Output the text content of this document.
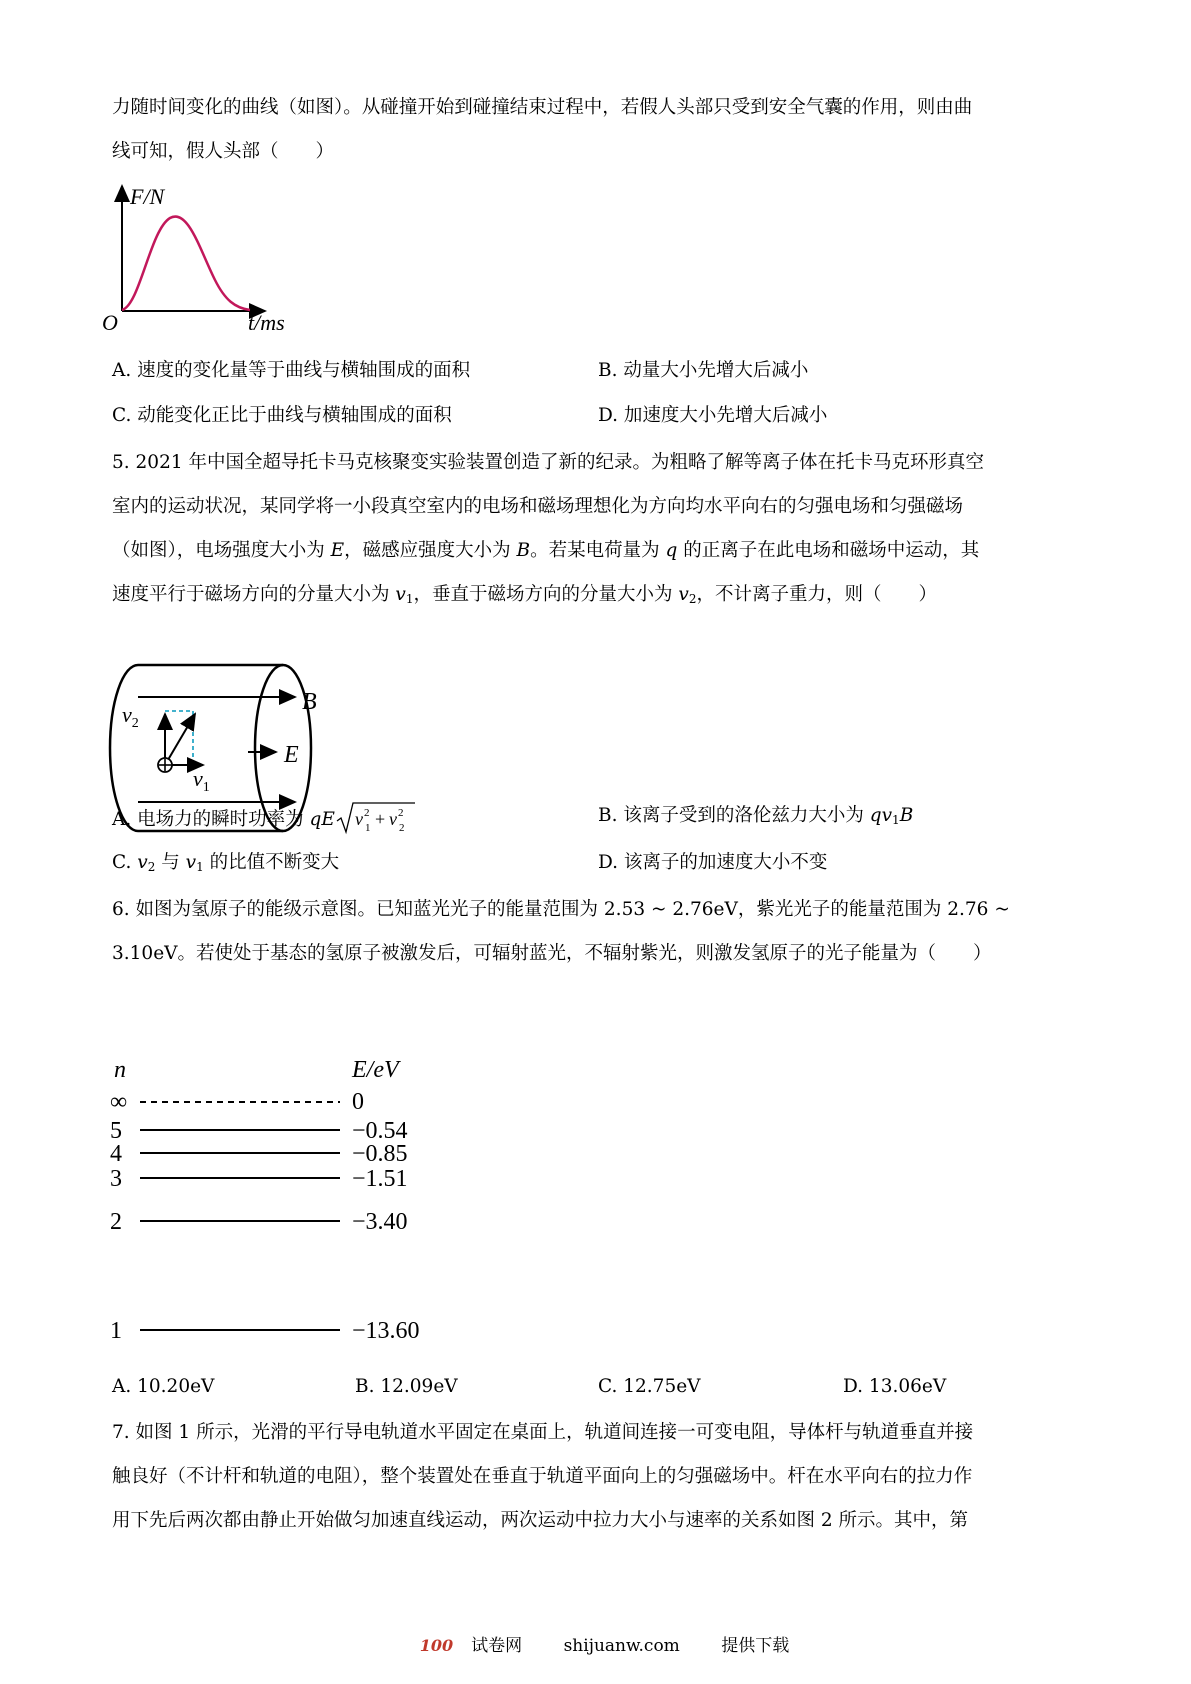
力随时间变化的曲线（如图）。从碰撞开始到碰撞结束过程中，若假人头部只受到安全气囊的作用，则由曲
线可知，假人头部（　　）
O
F/N
t/ms
A. 速度的变化量等于曲线与横轴围成的面积	B. 动量大小先增大后减小
C. 动能变化正比于曲线与横轴围成的面积	D. 加速度大小先增大后减小
5. 2021 年中国全超导托卡马克核聚变实验装置创造了新的纪录。为粗略了解等离子体在托卡马克环形真空
室内的运动状况，某同学将一小段真空室内的电场和磁场理想化为方向均水平向右的匀强电场和匀强磁场
（如图），电场强度大小为 E，磁感应强度大小为 B。若某电荷量为 q 的正离子在此电场和磁场中运动，其
速度平行于磁场方向的分量大小为 $v_1$，垂直于磁场方向的分量大小为 $v_2$，不计离子重力，则（　　）
B
E
$v_2$
$v_1$
A. 电场力的瞬时功率为 qE v 1
2 + v 2
2	B. 该离子受到的洛伦兹力大小为 $qv_1B$
C. $v_2$ 与 $v_1$ 的比值不断变大	D. 该离子的加速度大小不变
6. 如图为氢原子的能级示意图。已知蓝光光子的能量范围为 2.53 ~ 2.76eV，紫光光子的能量范围为 2.76 ~
3.10eV。若使处于基态的氢原子被激发后，可辐射蓝光，不辐射紫光，则激发氢原子的光子能量为（　　）
n	E/eV
∞	0
5	−0.54
4	−0.85
3	−1.51
2	−3.40
1	−13.60
A. 10.20eV	B. 12.09eV	C. 12.75eV	D. 13.06eV
7. 如图 1 所示，光滑的平行导电轨道水平固定在桌面上，轨道间连接一可变电阻，导体杆与轨道垂直并接
触良好（不计杆和轨道的电阻），整个装置处在垂直于轨道平面向上的匀强磁场中。杆在水平向右的拉力作
用下先后两次都由静止开始做匀加速直线运动，两次运动中拉力大小与速率的关系如图 2 所示。其中，第
100 试卷网 shijuanw.com 提供下载
